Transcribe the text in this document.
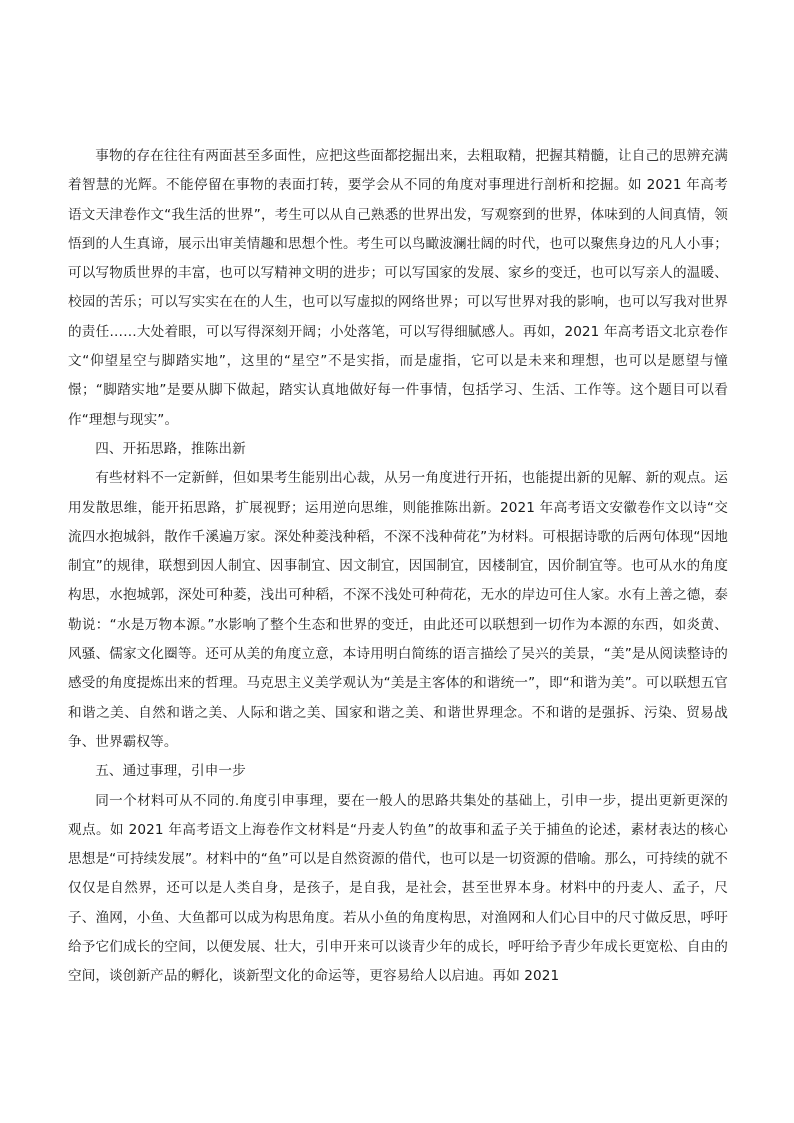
事物的存在往往有两面甚至多面性，应把这些面都挖掘出来，去粗取精，把握其精髓，让自己的思辨充满着智慧的光辉。不能停留在事物的表面打转，要学会从不同的角度对事理进行剖析和挖掘。如 2021 年高考语文天津卷作文“我生活的世界”，考生可以从自己熟悉的世界出发，写观察到的世界，体味到的人间真情，领悟到的人生真谛，展示出审美情趣和思想个性。考生可以鸟瞰波澜壮阔的时代，也可以聚焦身边的凡人小事；可以写物质世界的丰富，也可以写精神文明的进步；可以写国家的发展、家乡的变迁，也可以写亲人的温暖、校园的苦乐；可以写实实在在的人生，也可以写虚拟的网络世界；可以写世界对我的影响，也可以写我对世界的责任……大处着眼，可以写得深刻开阔；小处落笔，可以写得细腻感人。再如，2021 年高考语文北京卷作文“仰望星空与脚踏实地”，这里的“星空”不是实指，而是虚指，它可以是未来和理想，也可以是愿望与憧憬；“脚踏实地”是要从脚下做起，踏实认真地做好每一件事情，包括学习、生活、工作等。这个题目可以看作“理想与现实”。

四、开拓思路，推陈出新

有些材料不一定新鲜，但如果考生能别出心裁，从另一角度进行开拓，也能提出新的见解、新的观点。运用发散思维，能开拓思路，扩展视野；运用逆向思维，则能推陈出新。2021 年高考语文安徽卷作文以诗“交流四水抱城斜，散作千溪遍万家。深处种菱浅种稻，不深不浅种荷花”为材料。可根据诗歌的后两句体现“因地制宜”的规律，联想到因人制宜、因事制宜、因文制宜，因国制宜，因楼制宜，因价制宜等。也可从水的角度构思，水抱城郭，深处可种菱，浅出可种稻，不深不浅处可种荷花，无水的岸边可住人家。水有上善之德，泰勒说：“水是万物本源。”水影响了整个生态和世界的变迁，由此还可以联想到一切作为本源的东西，如炎黄、风骚、儒家文化圈等。还可从美的角度立意，本诗用明白简练的语言描绘了吴兴的美景，“美”是从阅读整诗的感受的角度提炼出来的哲理。马克思主义美学观认为“美是主客体的和谐统一”，即“和谐为美”。可以联想五官和谐之美、自然和谐之美、人际和谐之美、国家和谐之美、和谐世界理念。不和谐的是强拆、污染、贸易战争、世界霸权等。

五、通过事理，引申一步

同一个材料可从不同的.角度引申事理，要在一般人的思路共集处的基础上，引申一步，提出更新更深的观点。如 2021 年高考语文上海卷作文材料是“丹麦人钓鱼”的故事和孟子关于捕鱼的论述，素材表达的核心思想是“可持续发展”。材料中的“鱼”可以是自然资源的借代，也可以是一切资源的借喻。那么，可持续的就不仅仅是自然界，还可以是人类自身，是孩子，是自我，是社会，甚至世界本身。材料中的丹麦人、孟子，尺子、渔网，小鱼、大鱼都可以成为构思角度。若从小鱼的角度构思，对渔网和人们心目中的尺寸做反思，呼吁给予它们成长的空间，以便发展、壮大，引申开来可以谈青少年的成长，呼吁给予青少年成长更宽松、自由的空间，谈创新产品的孵化，谈新型文化的命运等，更容易给人以启迪。再如 2021
